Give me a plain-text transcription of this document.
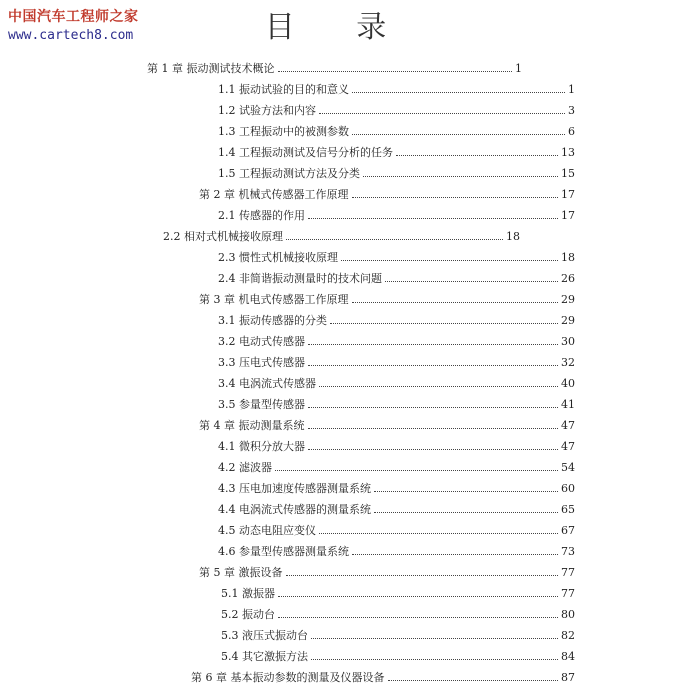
中国汽车工程师之家
www.cartech8.com	目 录
第 1 章 振动测试技术概论	1
1.1 振动试验的目的和意义	1
1.2 试验方法和内容	3
1.3 工程振动中的被测参数	6
1.4 工程振动测试及信号分析的任务	13
1.5 工程振动测试方法及分类	15
第 2 章 机械式传感器工作原理	17
2.1 传感器的作用	17
2.2 相对式机械接收原理	18
2.3 惯性式机械接收原理	18
2.4 非简谐振动测量时的技术问题	26
第 3 章 机电式传感器工作原理	29
3.1 振动传感器的分类	29
3.2 电动式传感器	30
3.3 压电式传感器	32
3.4 电涡流式传感器	40
3.5 参量型传感器	41
第 4 章 振动测量系统	47
4.1 微积分放大器	47
4.2 滤波器	54
4.3 压电加速度传感器测量系统	60
4.4 电涡流式传感器的测量系统	65
4.5 动态电阻应变仪	67
4.6 参量型传感器测量系统	73
第 5 章 激振设备	77
5.1 激振器	77
5.2 振动台	80
5.3 液压式振动台	82
5.4 其它激振方法	84
第 6 章 基本振动参数的测量及仪器设备	87
